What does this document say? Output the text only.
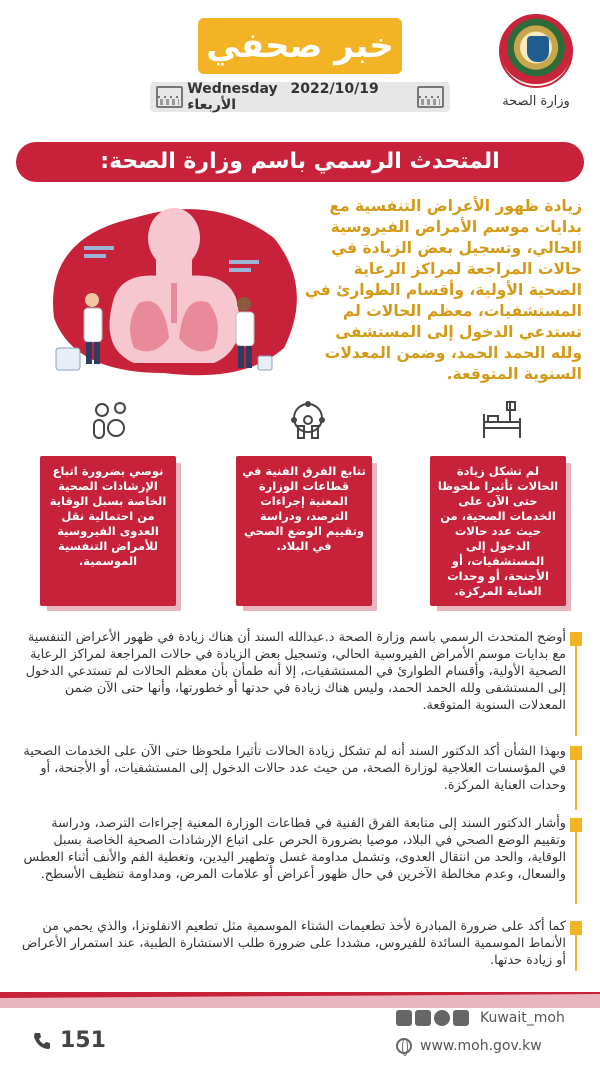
وزارة الصحة
خبر صحفي
Wednesday 2022/10/19 الأربعاء
المتحدث الرسمي باسم وزارة الصحة:
زيادة ظهور الأعراض التنفسية مع بدايات موسم الأمراض الفيروسية الحالي، وتسجيل بعض الزيادة في حالات المراجعة لمراكز الرعاية الصحية الأولية، وأقسام الطوارئ في المستشفيات، معظم الحالات لم تستدعي الدخول إلى المستشفى ولله الحمد الحمد، وضمن المعدلات السنوية المتوقعة.
نوصي بضرورة اتباع الإرشادات الصحية الخاصة بسبل الوقاية من احتمالية نقل العدوى الفيروسية للأمراض التنفسية الموسمية.
تتابع الفرق الفنية في قطاعات الوزارة المعنية إجراءات الترصد، ودراسة وتقييم الوضع الصحي في البلاد.
لم تشكل زيادة الحالات تأثيرا ملحوظا حتى الآن على الخدمات الصحية، من حيث عدد حالات الدخول إلى المستشفيات، أو الأجنحة، أو وحدات العناية المركزة.
أوضح المتحدث الرسمي باسم وزارة الصحة د.عبدالله السند أن هناك زيادة في ظهور الأعراض التنفسية مع بدايات موسم الأمراض الفيروسية الحالي، وتسجيل بعض الزيادة في حالات المراجعة لمراكز الرعاية الصحية الأولية، وأقسام الطوارئ في المستشفيات، إلا أنه طمأن بأن معظم الحالات لم تستدعي الدخول إلى المستشفى ولله الحمد الحمد، وليس هناك زيادة في حدتها أو خطورتها، وأنها حتى الآن ضمن المعدلات السنوية المتوقعة.
وبهذا الشأن أكد الدكتور السند أنه لم تشكل زيادة الحالات تأثيرا ملحوظا حتى الآن على الخدمات الصحية في المؤسسات العلاجية لوزارة الصحة، من حيث عدد حالات الدخول إلى المستشفيات، أو الأجنحة، أو وحدات العناية المركزة.
وأشار الدكتور السند إلى متابعة الفرق الفنية في قطاعات الوزارة المعنية إجراءات الترصد، ودراسة وتقييم الوضع الصحي في البلاد، موصيا بضرورة الحرص على اتباع الإرشادات الصحية الخاصة بسبل الوقاية، والحد من انتقال العدوى، وتشمل مداومة غسل وتطهير اليدين، وتغطية الفم والأنف أثناء العطس والسعال، وعدم مخالطة الآخرين في حال ظهور أعراض أو علامات المرض، ومداومة تنظيف الأسطح.
كما أكد على ضرورة المبادرة لأخذ تطعيمات الشتاء الموسمية مثل تطعيم الانفلونزا، والذي يحمي من الأنماط الموسمية السائدة للفيروس، مشددا على ضرورة طلب الاستشارة الطبية، عند استمرار الأعراض أو زيادة حدتها.
151
Kuwait_moh
www.moh.gov.kw
